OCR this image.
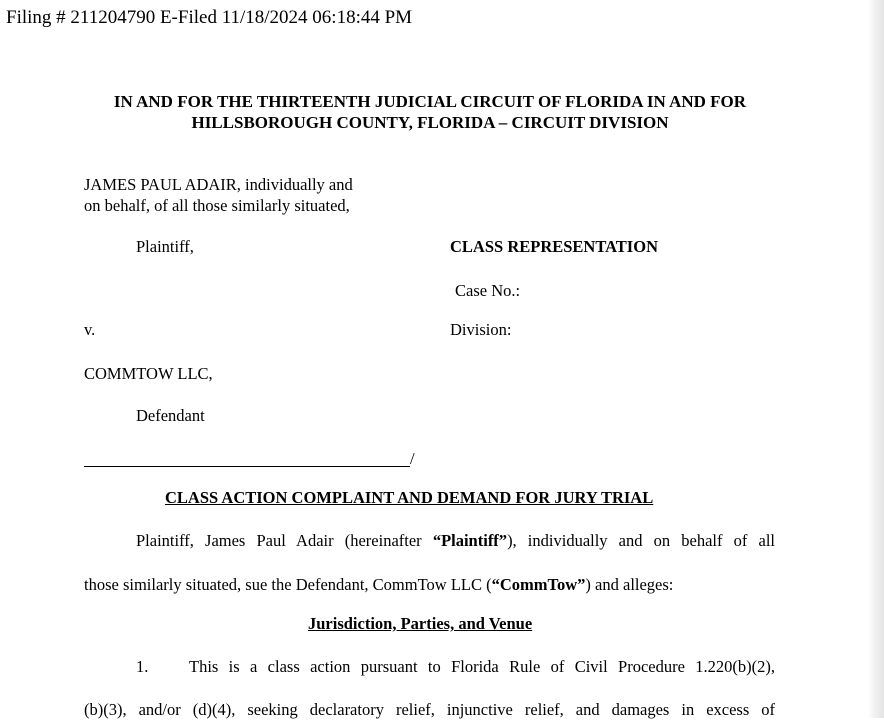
Filing # 211204790 E-Filed 11/18/2024 06:18:44 PM
IN AND FOR THE THIRTEENTH JUDICIAL CIRCUIT OF FLORIDA IN AND FOR
HILLSBOROUGH COUNTY, FLORIDA – CIRCUIT DIVISION
JAMES PAUL ADAIR, individually and
on behalf, of all those similarly situated,
Plaintiff,	CLASS REPRESENTATION
Case No.:
v.	Division:
COMMTOW LLC,
Defendant
/
CLASS ACTION COMPLAINT AND DEMAND FOR JURY TRIAL
Plaintiff, James Paul Adair (hereinafter “Plaintiff”), individually and on behalf of all
those similarly situated, sue the Defendant, CommTow LLC (“CommTow”) and alleges:
Jurisdiction, Parties, and Venue
1. This is a class action pursuant to Florida Rule of Civil Procedure 1.220(b)(2),
(b)(3), and/or (d)(4), seeking declaratory relief, injunctive relief, and damages in excess of
